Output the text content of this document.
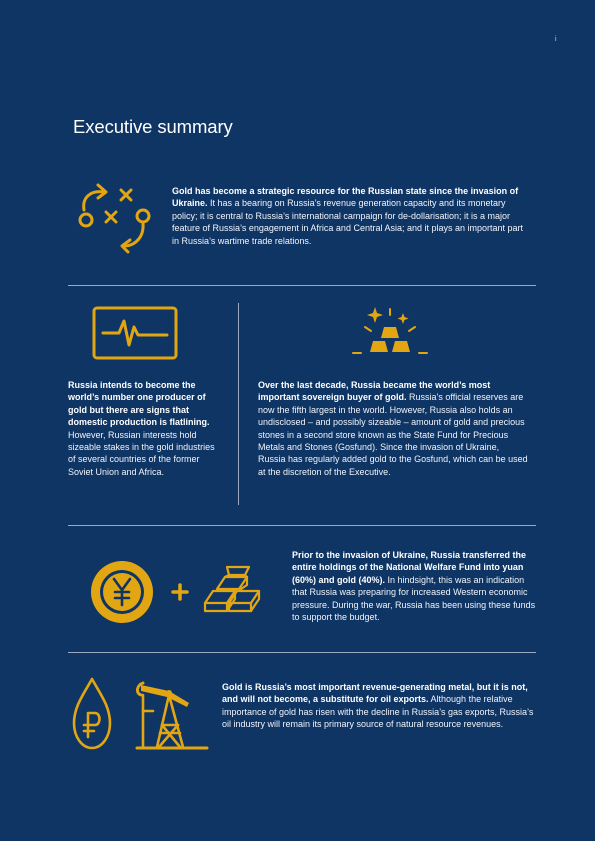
i
Executive summary

Gold has become a strategic resource for the Russian state since the invasion of Ukraine. It has a bearing on Russia’s revenue generation capacity and its monetary policy; it is central to Russia’s international campaign for de-dollarisation; it is a major feature of Russia’s engagement in Africa and Central Asia; and it plays an important part in Russia’s wartime trade relations.

Russia intends to become the world’s number one producer of gold but there are signs that domestic production is flatlining. However, Russian interests hold sizeable stakes in the gold industries of several countries of the former Soviet Union and Africa.

Over the last decade, Russia became the world’s most important sovereign buyer of gold. Russia’s official reserves are now the fifth largest in the world. However, Russia also holds an undisclosed – and possibly sizeable – amount of gold and precious stones in a second store known as the State Fund for Precious Metals and Stones (Gosfund). Since the invasion of Ukraine, Russia has regularly added gold to the Gosfund, which can be used at the discretion of the Executive.

Prior to the invasion of Ukraine, Russia transferred the entire holdings of the National Welfare Fund into yuan (60%) and gold (40%). In hindsight, this was an indication that Russia was preparing for increased Western economic pressure. During the war, Russia has been using these funds to support the budget.

Gold is Russia’s most important revenue-generating metal, but it is not, and will not become, a substitute for oil exports. Although the relative importance of gold has risen with the decline in Russia’s gas exports, Russia’s oil industry will remain its primary source of natural resource revenues.
